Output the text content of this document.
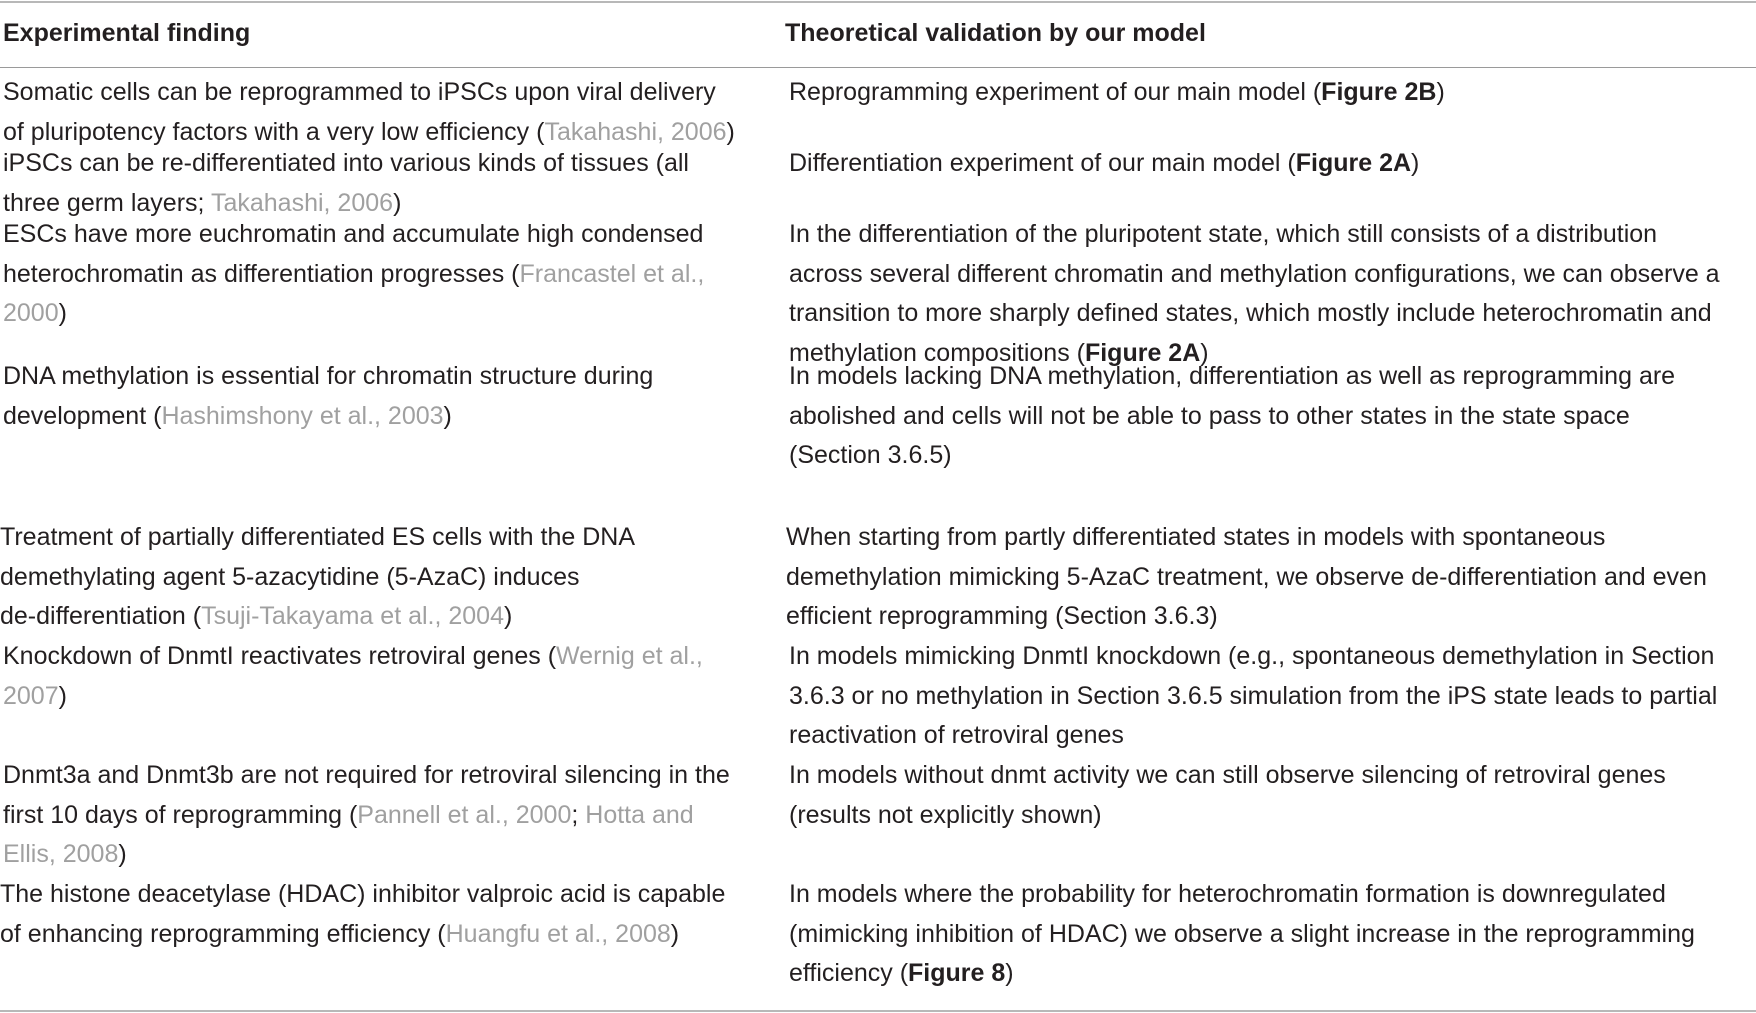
Experimental finding	Theoretical validation by our model

Somatic cells can be reprogrammed to iPSCs upon viral delivery
of pluripotency factors with a very low efficiency (Takahashi, 2006)

Reprogramming experiment of our main model (Figure 2B)

iPSCs can be re-differentiated into various kinds of tissues (all
three germ layers; Takahashi, 2006)

Differentiation experiment of our main model (Figure 2A)

ESCs have more euchromatin and accumulate high condensed
heterochromatin as differentiation progresses (Francastel et al.,
2000)

In the differentiation of the pluripotent state, which still consists of a distribution
across several different chromatin and methylation configurations, we can observe a
transition to more sharply defined states, which mostly include heterochromatin and
methylation compositions (Figure 2A)

DNA methylation is essential for chromatin structure during
development (Hashimshony et al., 2003)

In models lacking DNA methylation, differentiation as well as reprogramming are
abolished and cells will not be able to pass to other states in the state space
(Section 3.6.5)

Treatment of partially differentiated ES cells with the DNA
demethylating agent 5-azacytidine (5-AzaC) induces
de-differentiation (Tsuji-Takayama et al., 2004)

When starting from partly differentiated states in models with spontaneous
demethylation mimicking 5-AzaC treatment, we observe de-differentiation and even
efficient reprogramming (Section 3.6.3)

Knockdown of DnmtI reactivates retroviral genes (Wernig et al.,
2007)

In models mimicking DnmtI knockdown (e.g., spontaneous demethylation in Section
3.6.3 or no methylation in Section 3.6.5 simulation from the iPS state leads to partial
reactivation of retroviral genes

Dnmt3a and Dnmt3b are not required for retroviral silencing in the
first 10 days of reprogramming (Pannell et al., 2000; Hotta and
Ellis, 2008)

In models without dnmt activity we can still observe silencing of retroviral genes
(results not explicitly shown)

The histone deacetylase (HDAC) inhibitor valproic acid is capable
of enhancing reprogramming efficiency (Huangfu et al., 2008)

In models where the probability for heterochromatin formation is downregulated
(mimicking inhibition of HDAC) we observe a slight increase in the reprogramming
efficiency (Figure 8)
